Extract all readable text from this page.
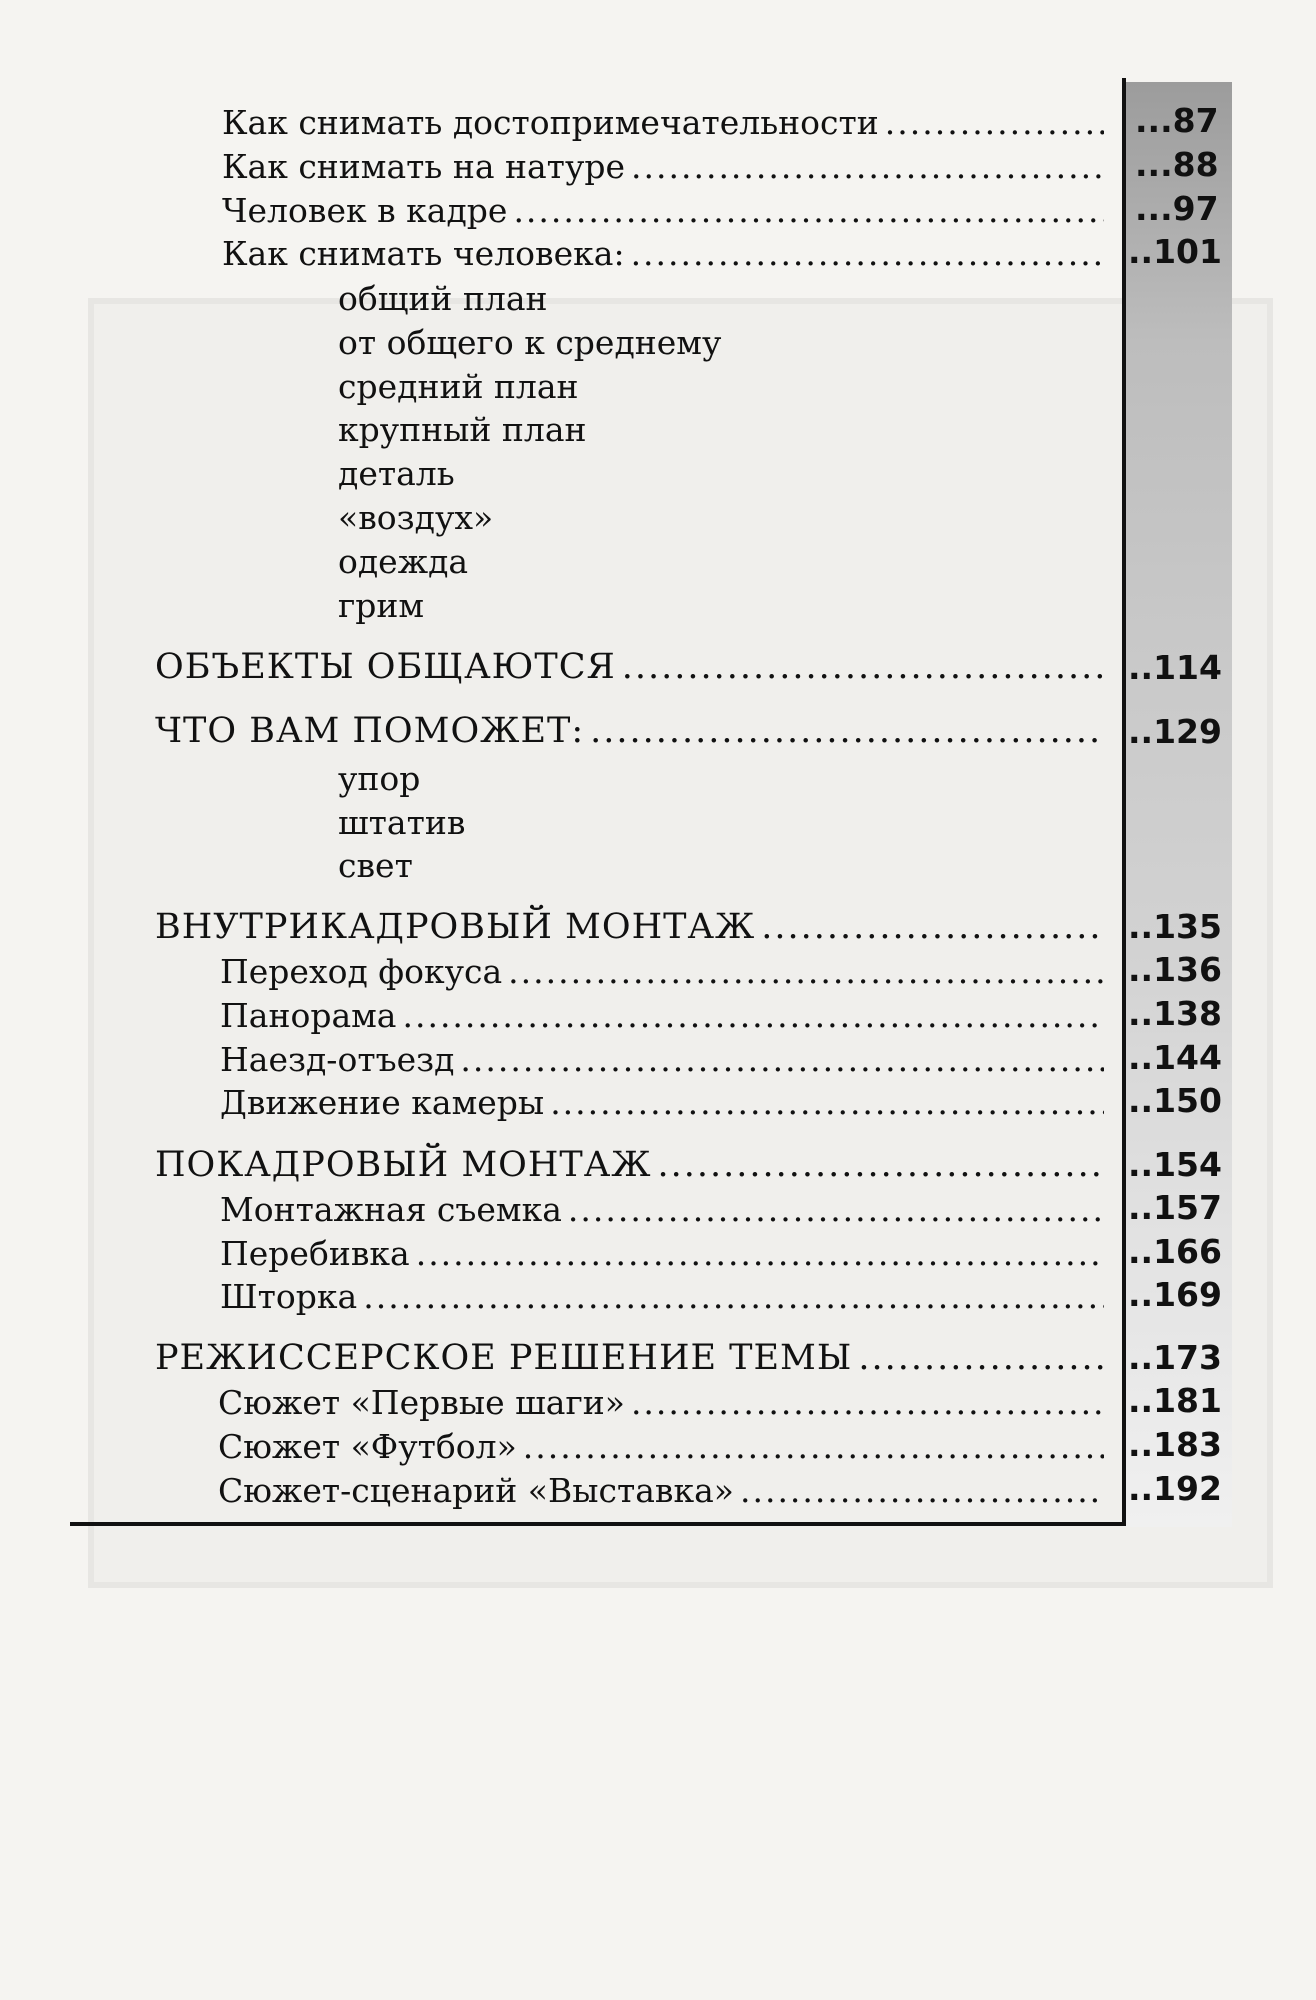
Как снимать достопримечательности .....	...87
Как снимать на натуре .....	...88
Человек в кадре .....	...97
Как снимать человека: .....	..101
общий план
от общего к среднему
средний план
крупный план
деталь
«воздух»
одежда
грим
ОБЪЕКТЫ ОБЩАЮТСЯ .....	..114
ЧТО ВАМ ПОМОЖЕТ: .....	..129
упор
штатив
свет
ВНУТРИКАДРОВЫЙ МОНТАЖ .....	..135
Переход фокуса .....	..136
Панорама .....	..138
Наезд-отъезд .....	..144
Движение камеры .....	..150
ПОКАДРОВЫЙ МОНТАЖ .....	..154
Монтажная съемка .....	..157
Перебивка .....	..166
Шторка .....	..169
РЕЖИССЕРСКОЕ РЕШЕНИЕ ТЕМЫ .....	..173
Сюжет «Первые шаги» .....	..181
Сюжет «Футбол» .....	..183
Сюжет-сценарий «Выставка» .....	..192
